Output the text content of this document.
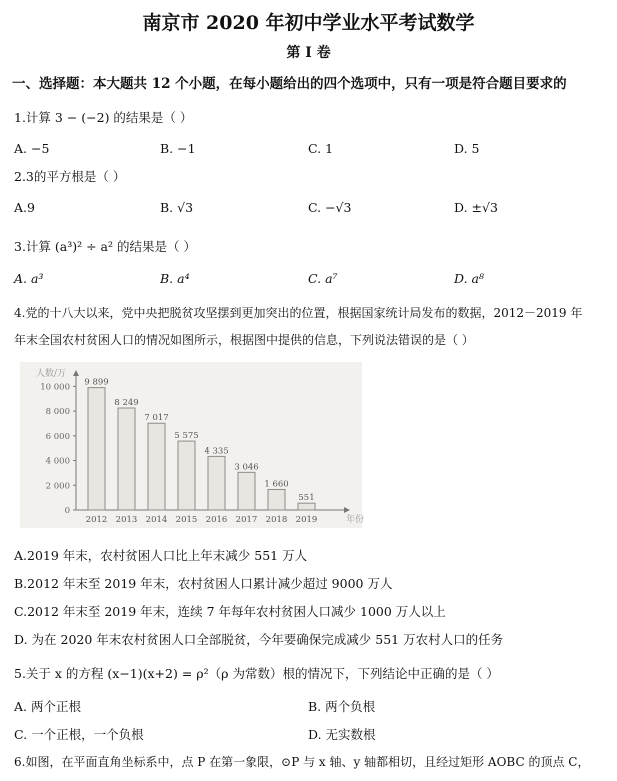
南京市 2020 年初中学业水平考试数学
第 I 卷
一、选择题：本大题共 12 个小题，在每小题给出的四个选项中，只有一项是符合题目要求的
1.计算 3 − (−2) 的结果是（ ）
A. −5	B. −1	C. 1	D. 5
2.3的平方根是（ ）
A.9	B. √3	C. −√3	D. ±√3
3.计算 (a³)² ÷ a² 的结果是（ ）
A. a³	B. a⁴	C. a⁷	D. a⁸
4.党的十八大以来，党中央把脱贫攻坚摆到更加突出的位置，根据国家统计局发布的数据，2012－2019 年
年末全国农村贫困人口的情况如图所示，根据图中提供的信息，下列说法错误的是（ ）
人数/万
年份
0
2 000
4 000
6 000
8 000
10 000 9 899
2012
8 249
2013
7 017
2014
5 575
2015
4 335
2016
3 046
2017
1 660
2018
551
2019
A.2019 年末，农村贫困人口比上年末减少 551 万人
B.2012 年末至 2019 年末，农村贫困人口累计减少超过 9000 万人
C.2012 年末至 2019 年末，连续 7 年每年农村贫困人口减少 1000 万人以上
D. 为在 2020 年末农村贫困人口全部脱贫，今年要确保完成减少 551 万农村人口的任务
5.关于 x 的方程 (x−1)(x+2) = ρ²（ρ 为常数）根的情况下，下列结论中正确的是（ ）
A. 两个正根	B. 两个负根
C. 一个正根，一个负根	D. 无实数根
6.如图，在平面直角坐标系中，点 P 在第一象限，⊙P 与 x 轴、y 轴都相切，且经过矩形 AOBC 的顶点 C，
